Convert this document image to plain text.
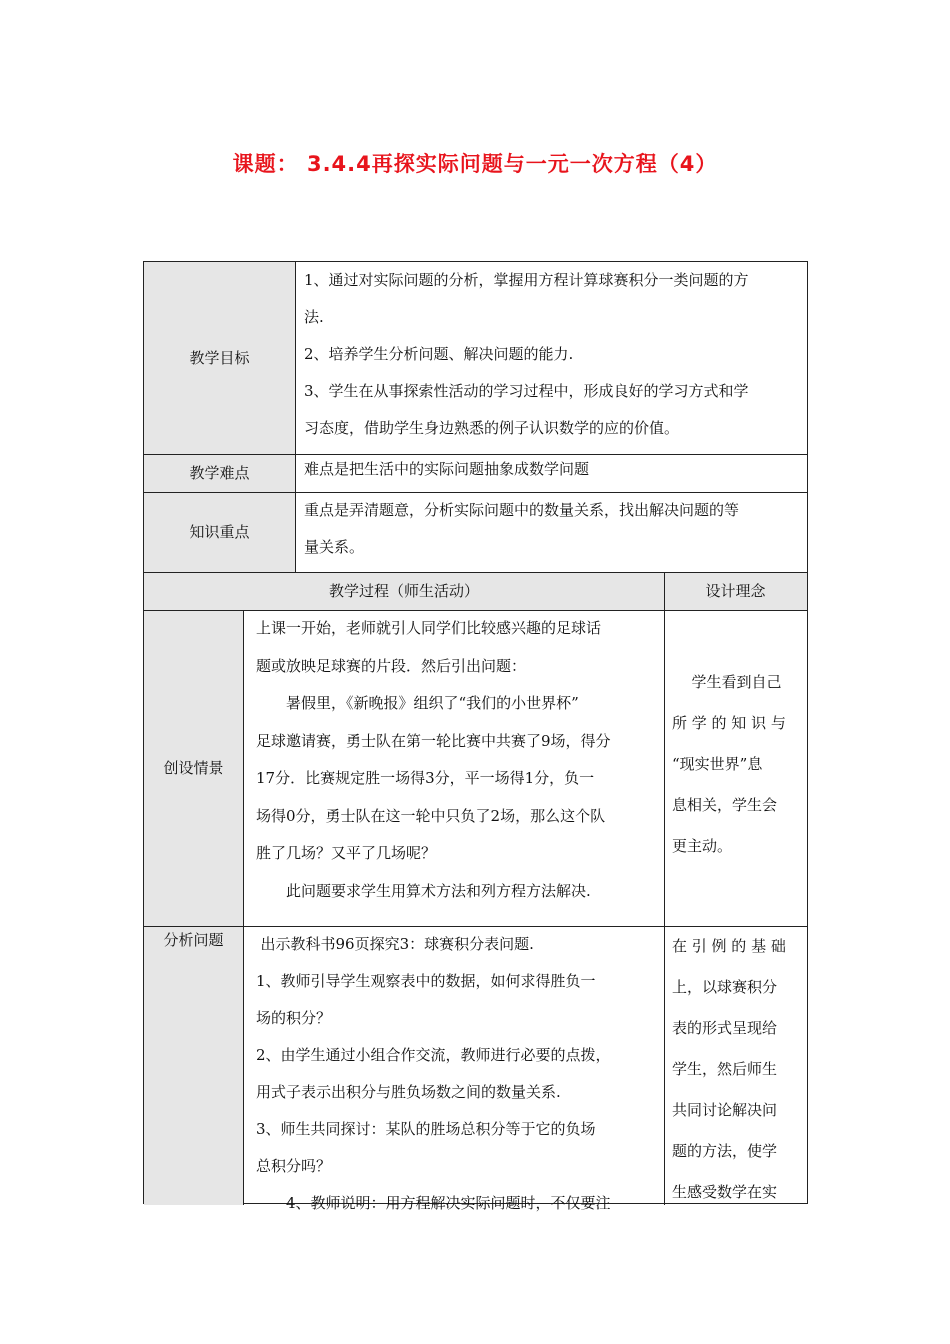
课题： 3.4.4再探实际问题与一元一次方程（4）
教学目标
教学难点
知识重点
教学过程（师生活动）	设计理念
创设情景
分析问题

1、通过对实际问题的分析，掌握用方程计算球赛积分一类问题的方

法.

2、培养学生分析问题、解决问题的能力.

3、学生在从事探索性活动的学习过程中，形成良好的学习方式和学

习态度，借助学生身边熟悉的例子认识数学的应的价值。

难点是把生活中的实际问题抽象成数学问题

重点是弄清题意，分析实际问题中的数量关系，找出解决问题的等

量关系。

上课一开始，老师就引人同学们比较感兴趣的足球话

题或放映足球赛的片段．然后引出问题：

暑假里，《新晚报》组织了“我们的小世界杯”

足球邀请赛，勇士队在第一轮比赛中共赛了9场，得分

17分．比赛规定胜一场得3分，平一场得1分，负一

场得0分，勇士队在这一轮中只负了2场，那么这个队

胜了几场？又平了几场呢？

此问题要求学生用算术方法和列方程方法解决.

学生看到自己

所 学 的 知 识 与

“现实世界”息

息相关，学生会

更主动。

出示教科书96页探究3：球赛积分表问题.

1、教师引导学生观察表中的数据，如何求得胜负一

场的积分？

2、由学生通过小组合作交流，教师进行必要的点拨，

用式子表示出积分与胜负场数之间的数量关系.

3、师生共同探讨：某队的胜场总积分等于它的负场

总积分吗？

4、教师说明：用方程解决实际问题时，不仅要注

在 引 例 的 基 础

上，以球赛积分

表的形式呈现给

学生，然后师生

共同讨论解决问

题的方法，使学

生感受数学在实
